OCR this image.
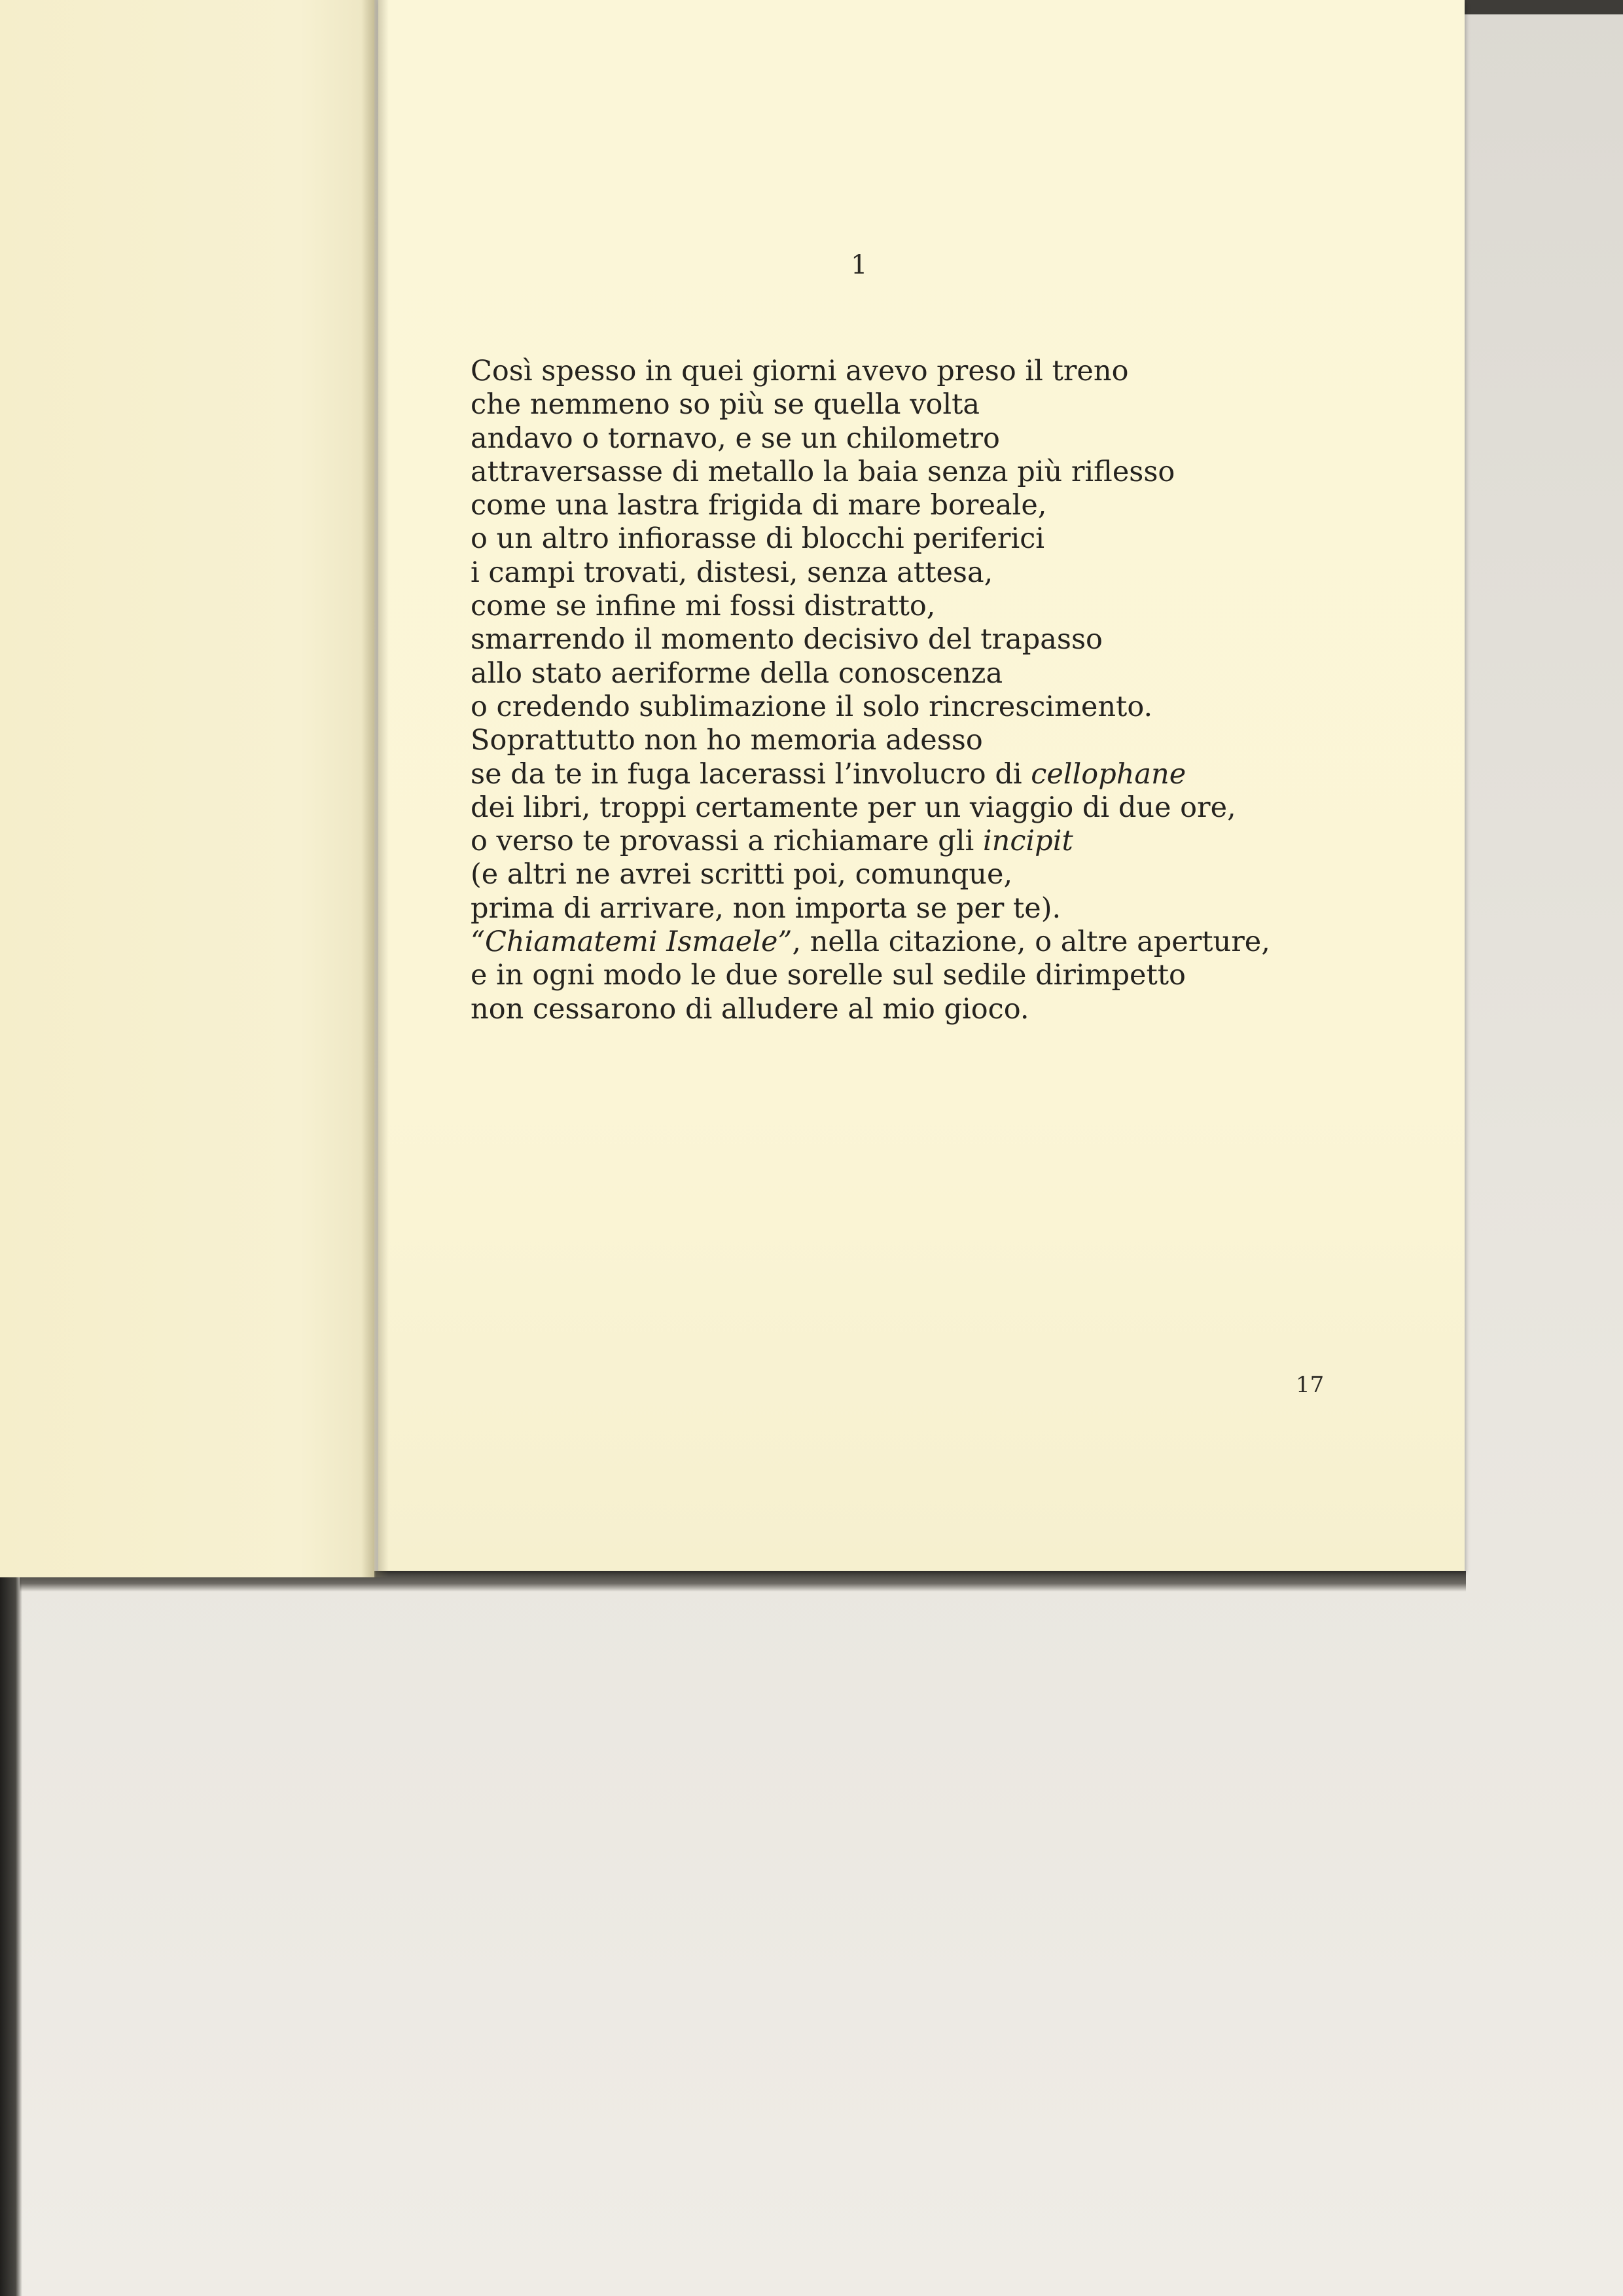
1
Così spesso in quei giorni avevo preso il treno
che nemmeno so più se quella volta
andavo o tornavo, e se un chilometro
attraversasse di metallo la baia senza più riflesso
come una lastra frigida di mare boreale,
o un altro infiorasse di blocchi periferici
i campi trovati, distesi, senza attesa,
come se infine mi fossi distratto,
smarrendo il momento decisivo del trapasso
allo stato aeriforme della conoscenza
o credendo sublimazione il solo rincrescimento.
Soprattutto non ho memoria adesso
se da te in fuga lacerassi l’involucro di cellophane
dei libri, troppi certamente per un viaggio di due ore,
o verso te provassi a richiamare gli incipit
(e altri ne avrei scritti poi, comunque,
prima di arrivare, non importa se per te).
“Chiamatemi Ismaele”, nella citazione, o altre aperture,
e in ogni modo le due sorelle sul sedile dirimpetto
non cessarono di alludere al mio gioco.
17
